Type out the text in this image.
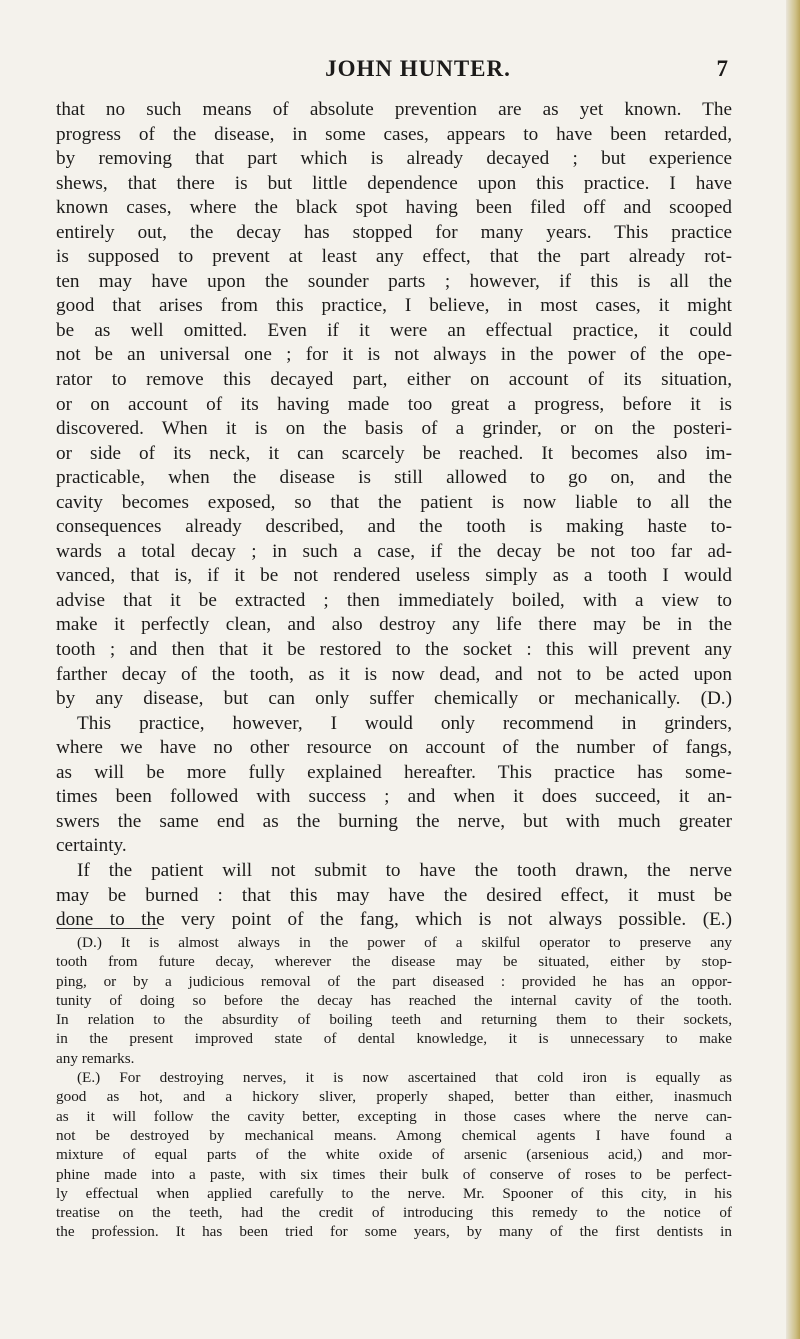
JOHN HUNTER.	7
that no such means of absolute prevention are as yet known. The
progress of the disease, in some cases, appears to have been retarded,
by removing that part which is already decayed ; but experience
shews, that there is but little dependence upon this practice. I have
known cases, where the black spot having been filed off and scooped
entirely out, the decay has stopped for many years. This practice
is supposed to prevent at least any effect, that the part already rot-
ten may have upon the sounder parts ; however, if this is all the
good that arises from this practice, I believe, in most cases, it might
be as well omitted. Even if it were an effectual practice, it could
not be an universal one ; for it is not always in the power of the ope-
rator to remove this decayed part, either on account of its situation,
or on account of its having made too great a progress, before it is
discovered. When it is on the basis of a grinder, or on the posteri-
or side of its neck, it can scarcely be reached. It becomes also im-
practicable, when the disease is still allowed to go on, and the
cavity becomes exposed, so that the patient is now liable to all the
consequences already described, and the tooth is making haste to-
wards a total decay ; in such a case, if the decay be not too far ad-
vanced, that is, if it be not rendered useless simply as a tooth I would
advise that it be extracted ; then immediately boiled, with a view to
make it perfectly clean, and also destroy any life there may be in the
tooth ; and then that it be restored to the socket : this will prevent any
farther decay of the tooth, as it is now dead, and not to be acted upon
by any disease, but can only suffer chemically or mechanically. (D.)
This practice, however, I would only recommend in grinders,
where we have no other resource on account of the number of fangs,
as will be more fully explained hereafter. This practice has some-
times been followed with success ; and when it does succeed, it an-
swers the same end as the burning the nerve, but with much greater
certainty.
If the patient will not submit to have the tooth drawn, the nerve
may be burned : that this may have the desired effect, it must be
done to the very point of the fang, which is not always possible. (E.)
(D.) It is almost always in the power of a skilful operator to preserve any
tooth from future decay, wherever the disease may be situated, either by stop-
ping, or by a judicious removal of the part diseased : provided he has an oppor-
tunity of doing so before the decay has reached the internal cavity of the tooth.
In relation to the absurdity of boiling teeth and returning them to their sockets,
in the present improved state of dental knowledge, it is unnecessary to make
any remarks.
(E.) For destroying nerves, it is now ascertained that cold iron is equally as
good as hot, and a hickory sliver, properly shaped, better than either, inasmuch
as it will follow the cavity better, excepting in those cases where the nerve can-
not be destroyed by mechanical means. Among chemical agents I have found a
mixture of equal parts of the white oxide of arsenic (arsenious acid,) and mor-
phine made into a paste, with six times their bulk of conserve of roses to be perfect-
ly effectual when applied carefully to the nerve. Mr. Spooner of this city, in his
treatise on the teeth, had the credit of introducing this remedy to the notice of
the profession. It has been tried for some years, by many of the first dentists in
